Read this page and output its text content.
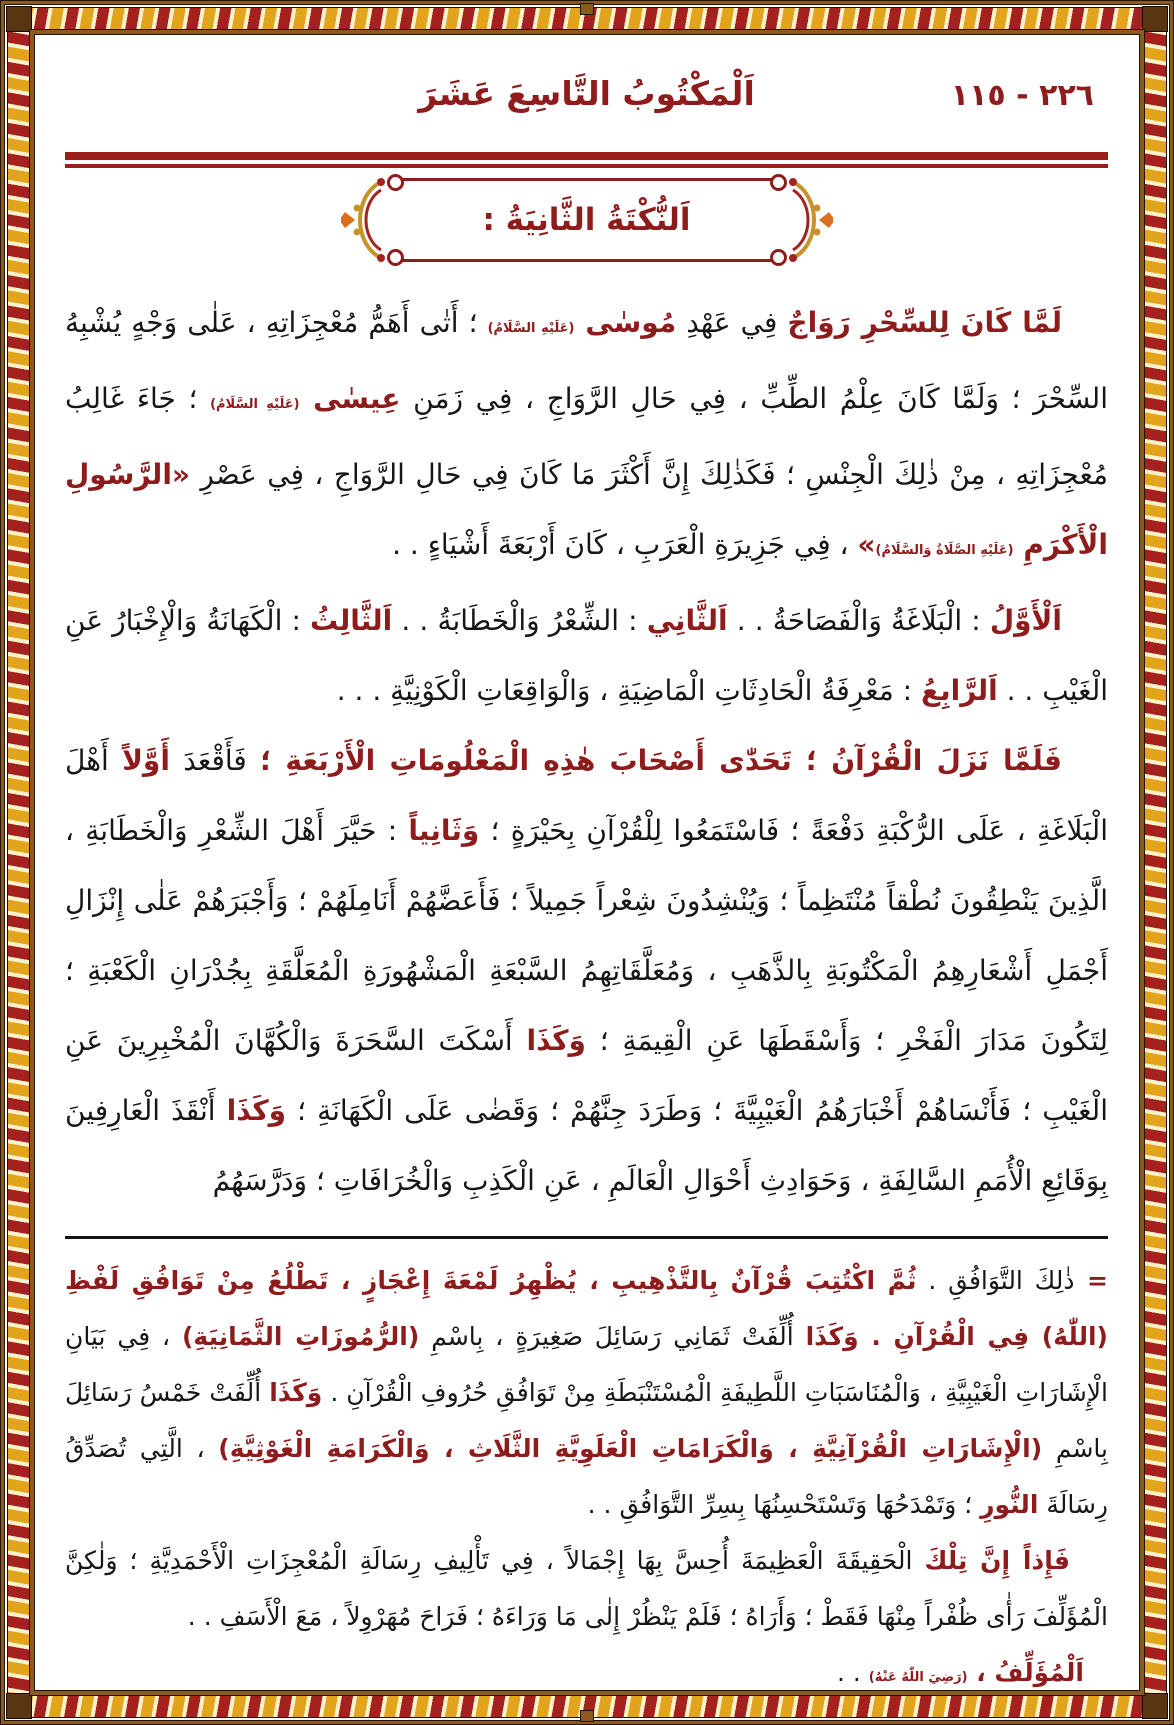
٢٢٦ - ١١٥
اَلْمَكْتُوبُ التَّاسِعَ عَشَرَ
اَلنُّكْتَةُ الثَّانِيَةُ :

لَمَّا كَانَ لِلسِّحْرِ رَوَاجٌ فِي عَهْدِ مُوسٰى (عَلَيْهِ السَّلَامُ) ؛ أَتٰى أَهَمُّ مُعْجِزَاتِهِ ، عَلٰى وَجْهٍ يُشْبِهُ السِّحْرَ ؛ وَلَمَّا كَانَ عِلْمُ الطِّبِّ ، فِي حَالِ الرَّوَاجِ ، فِي زَمَنِ عِيسٰى (عَلَيْهِ السَّلَامُ) ؛ جَاءَ غَالِبُ مُعْجِزَاتِهِ ، مِنْ ذٰلِكَ الْجِنْسِ ؛ فَكَذٰلِكَ إِنَّ أَكْثَرَ مَا كَانَ فِي حَالِ الرَّوَاجِ ، فِي عَصْرِ «الرَّسُولِ الْأَكْرَمِ (عَلَيْهِ الصَّلَاةُ وَالسَّلَامُ)» ، فِي جَزِيرَةِ الْعَرَبِ ، كَانَ أَرْبَعَةَ أَشْيَاءٍ . .

اَلْأَوَّلُ : الْبَلَاغَةُ وَالْفَصَاحَةُ . . اَلثَّانِي : الشِّعْرُ وَالْخَطَابَةُ . . اَلثَّالِثُ : الْكَهَانَةُ وَالْإِخْبَارُ عَنِ الْغَيْبِ . . اَلرَّابِعُ : مَعْرِفَةُ الْحَادِثَاتِ الْمَاضِيَةِ ، وَالْوَاقِعَاتِ الْكَوْنِيَّةِ . . .

فَلَمَّا نَزَلَ الْقُرْآنُ ؛ تَحَدّٰى أَصْحَابَ هٰذِهِ الْمَعْلُومَاتِ الْأَرْبَعَةِ ؛ فَأَقْعَدَ أَوَّلاً أَهْلَ الْبَلَاغَةِ ، عَلَى الرُّكْبَةِ دَفْعَةً ؛ فَاسْتَمَعُوا لِلْقُرْآنِ بِحَيْرَةٍ ؛ وَثَانِياً : حَيَّرَ أَهْلَ الشِّعْرِ وَالْخَطَابَةِ ، الَّذِينَ يَنْطِقُونَ نُطْقاً مُنْتَظِماً ؛ وَيُنْشِدُونَ شِعْراً جَمِيلاً ؛ فَأَعَضَّهُمْ أَنَامِلَهُمْ ؛ وَأَجْبَرَهُمْ عَلٰى إِنْزَالِ أَجْمَلِ أَشْعَارِهِمُ الْمَكْتُوبَةِ بِالذَّهَبِ ، وَمُعَلَّقَاتِهِمُ السَّبْعَةِ الْمَشْهُورَةِ الْمُعَلَّقَةِ بِجُدْرَانِ الْكَعْبَةِ ؛ لِتَكُونَ مَدَارَ الْفَخْرِ ؛ وَأَسْقَطَهَا عَنِ الْقِيمَةِ ؛ وَكَذَا أَسْكَتَ السَّحَرَةَ وَالْكُهَّانَ الْمُخْبِرِينَ عَنِ الْغَيْبِ ؛ فَأَنْسَاهُمْ أَخْبَارَهُمُ الْغَيْبِيَّةَ ؛ وَطَرَدَ جِنَّهُمْ ؛ وَقَضٰى عَلَى الْكَهَانَةِ ؛ وَكَذَا أَنْقَذَ الْعَارِفِينَ بِوَقَائِعِ الْأُمَمِ السَّالِفَةِ ، وَحَوَادِثِ أَحْوَالِ الْعَالَمِ ، عَنِ الْكَذِبِ وَالْخُرَافَاتِ ؛ وَدَرَّسَهُمُ

= ذٰلِكَ التَّوَافُقِ . ثُمَّ اكْتُتِبَ قُرْآنٌ بِالتَّذْهِيبِ ، يُظْهِرُ لَمْعَةَ إِعْجَازٍ ، تَطْلُعُ مِنْ تَوَافُقِ لَفْظِ (اللّٰهُ) فِي الْقُرْآنِ . وَكَذَا أُلِّفَتْ ثَمَانِي رَسَائِلَ صَغِيرَةٍ ، بِاسْمِ (الرُّمُوزَاتِ الثَّمَانِيَةِ) ، فِي بَيَانِ الْإِشَارَاتِ الْغَيْبِيَّةِ ، وَالْمُنَاسَبَاتِ اللَّطِيفَةِ الْمُسْتَنْبَطَةِ مِنْ تَوَافُقِ حُرُوفِ الْقُرْآنِ . وَكَذَا أُلِّفَتْ خَمْسُ رَسَائِلَ بِاسْمِ (الْإِشَارَاتِ الْقُرْآنِيَّةِ ، وَالْكَرَامَاتِ الْعَلَوِيَّةِ الثَّلَاثِ ، وَالْكَرَامَةِ الْغَوْثِيَّةِ) ، الَّتِي تُصَدِّقُ رِسَالَةَ النُّورِ ؛ وَتَمْدَحُهَا وَتَسْتَحْسِنُهَا بِسِرِّ التَّوَافُقِ . .

فَإِذاً إِنَّ تِلْكَ الْحَقِيقَةَ الْعَظِيمَةَ أُحِسَّ بِهَا إِجْمَالاً ، فِي تَأْلِيفِ رِسَالَةِ الْمُعْجِزَاتِ الْأَحْمَدِيَّةِ ؛ وَلٰكِنَّ الْمُؤَلِّفَ رَأٰى ظُفْراً مِنْهَا فَقَطْ ؛ وَأَرَاهُ ؛ فَلَمْ يَنْظُرْ إِلٰى مَا وَرَاءَهُ ؛ فَرَاحَ مُهَرْوِلاً ، مَعَ الْأَسَفِ . .

اَلْمُؤَلِّفُ ، (رَضِيَ اللّٰهُ عَنْهُ) . .
